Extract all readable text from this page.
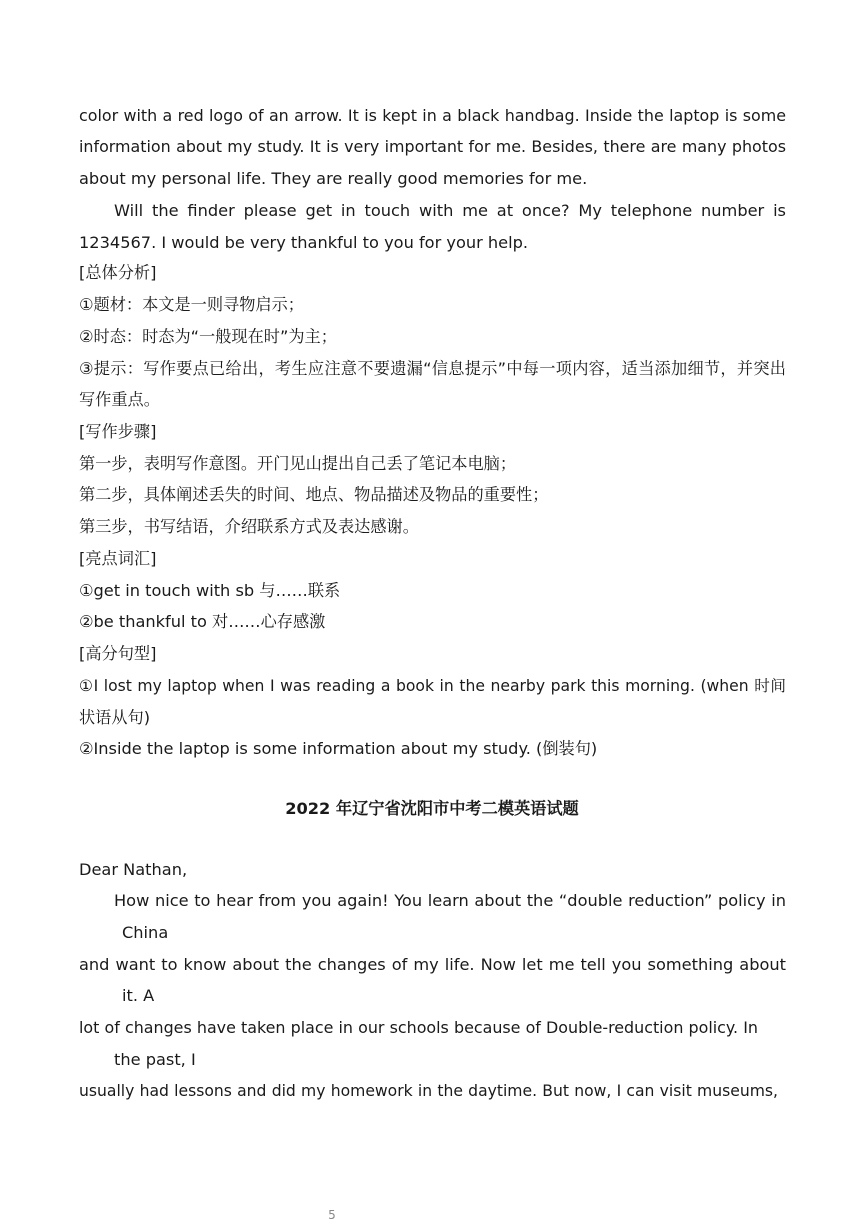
color with a red logo of an arrow. It is kept in a black handbag. Inside the laptop is some
information about my study. It is very important for me. Besides, there are many photos
about my personal life. They are really good memories for me.
Will the finder please get in touch with me at once? My telephone number is
1234567. I would be very thankful to you for your help.
[总体分析]
①题材：本文是一则寻物启示；
②时态：时态为“一般现在时”为主；
③提示：写作要点已给出，考生应注意不要遗漏“信息提示”中每一项内容，适当添加细节，并突出
写作重点。
[写作步骤]
第一步，表明写作意图。开门见山提出自己丢了笔记本电脑；
第二步，具体阐述丢失的时间、地点、物品描述及物品的重要性；
第三步，书写结语，介绍联系方式及表达感谢。
[亮点词汇]
①get in touch with sb 与……联系
②be thankful to 对……心存感激
[高分句型]
①I lost my laptop when I was reading a book in the nearby park this morning. (when 时间
状语从句)
②Inside the laptop is some information about my study. (倒装句)
2022 年辽宁省沈阳市中考二模英语试题
Dear Nathan,
How nice to hear from you again! You learn about the “double reduction” policy in
China
and want to know about the changes of my life. Now let me tell you something about
it. A
lot of changes have taken place in our schools because of Double-reduction policy. In
the past, I
usually had lessons and did my homework in the daytime. But now, I can visit museums,
5
